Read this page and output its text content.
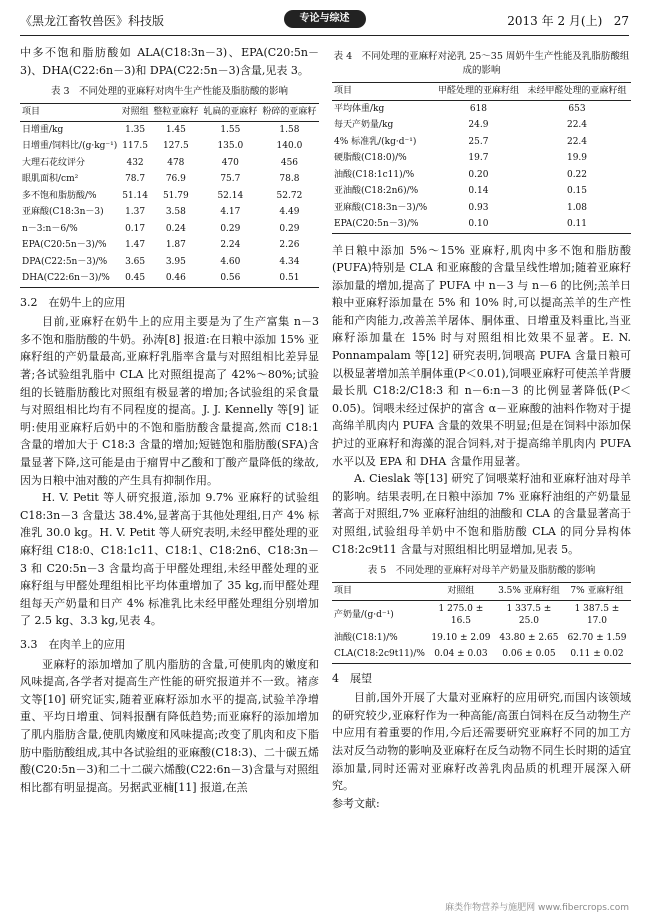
《黑龙江畜牧兽医》科技版	专论与综述	2013 年 2 月(上) 27

中多不饱和脂肪酸如 ALA(C18:3n－3)、EPA(C20:5n－3)、DHA(C22:6n－3)和 DPA(C22:5n－3)含量,见表 3。

表 3　不同处理的亚麻籽对肉牛生产性能及脂肪酸的影响
项目	对照组	整粒亚麻籽	轧扁的亚麻籽	粉碎的亚麻籽
日增重/kg	1.35	1.45	1.55	1.58
日增重/饲料比/(g·kg⁻¹)	117.5	127.5	135.0	140.0
大理石花纹评分	432	478	470	456
眼肌面积/cm²	78.7	76.9	75.7	78.8
多不饱和脂肪酸/%	51.14	51.79	52.14	52.72
亚麻酸(C18:3n－3)	1.37	3.58	4.17	4.49
n－3:n－6/%	0.17	0.24	0.29	0.29
EPA(C20:5n－3)/%	1.47	1.87	2.24	2.26
DPA(C22:5n－3)/%	3.65	3.95	4.60	4.34
DHA(C22:6n－3)/%	0.45	0.46	0.56	0.51

3.2　在奶牛上的应用

目前,亚麻籽在奶牛上的应用主要是为了生产富集 n－3 多不饱和脂肪酸的牛奶。孙涛[8] 报道:在日粮中添加 15% 亚麻籽组的产奶量最高,亚麻籽乳脂率含量与对照组相比差异显著;各试验组乳脂中 CLA 比对照组提高了 42%～80%;试验组的长链脂肪酸比对照组有极显著的增加;各试验组的采食量与对照组相比均有不同程度的提高。J. J. Kennelly 等[9] 证明:使用亚麻籽后奶中的不饱和脂肪酸含量提高,然而 C18:1 含量的增加大于 C18:3 含量的增加;短链饱和脂肪酸(SFA)含量显著下降,这可能是由于瘤胃中乙酸和丁酸产量降低的缘故,因为日粮中油对酸的产生具有抑制作用。

H. V. Petit 等人研究报道,添加 9.7% 亚麻籽的试验组 C18:3n－3 含量达 38.4%,显著高于其他处理组,日产 4% 标准乳 30.0 kg。H. V. Petit 等人研究表明,未经甲醛处理的亚麻籽组 C18:0、C18:1c11、C18:1、C18:2n6、C18:3n－3 和 C20:5n－3 含量均高于甲醛处理组,未经甲醛处理的亚麻籽组与甲醛处理组相比平均体重增加了 35 kg,而甲醛处理组每天产奶量和日产 4% 标准乳比未经甲醛处理组分别增加了 2.5 kg、3.3 kg,见表 4。

3.3　在肉羊上的应用

亚麻籽的添加增加了肌内脂肪的含量,可使肌肉的嫩度和风味提高,各学者对提高生产性能的研究报道并不一致。褚彦文等[10] 研究证实,随着亚麻籽添加水平的提高,试验羊净增重、平均日增重、饲料报酬有降低趋势;而亚麻籽的添加增加了肌内脂肪含量,使肌肉嫩度和风味提高;改变了肌肉和皮下脂肪中脂肪酸组成,其中各试验组的亚麻酸(C18:3)、二十碳五烯酸(C20:5n－3)和二十二碳六烯酸(C22:6n－3)含量与对照组相比都有明显提高。另据武亚楠[11] 报道,在羔

表 4　不同处理的亚麻籽对泌乳 25～35 周奶牛生产性能及乳脂肪酸组成的影响
项目	甲醛处理的亚麻籽组	未经甲醛处理的亚麻籽组
平均体重/kg	618	653
每天产奶量/kg	24.9	22.4
4% 标准乳/(kg·d⁻¹)	25.7	22.4
硬脂酸(C18:0)/%	19.7	19.9
油酸(C18:1c11)/%	0.20	0.22
亚油酸(C18:2n6)/%	0.14	0.15
亚麻酸(C18:3n－3)/%	0.93	1.08
EPA(C20:5n－3)/%	0.10	0.11

羊日粮中添加 5%～15% 亚麻籽,肌肉中多不饱和脂肪酸(PUFA)特别是 CLA 和亚麻酸的含量呈线性增加;随着亚麻籽添加量的增加,提高了 PUFA 中 n－3 与 n－6 的比例;羔羊日粮中亚麻籽添加量在 5% 和 10% 时,可以提高羔羊的生产性能和产肉能力,改善羔羊屠体、胴体重、日增重及料重比,当亚麻籽添加量在 15% 时与对照组相比效果不显著。E. N. Ponnampalam 等[12] 研究表明,饲喂高 PUFA 含量日粮可以极显著增加羔羊胴体重(P＜0.01),饲喂亚麻籽可使羔羊背腰最长肌 C18:2/C18:3 和 n－6:n－3 的比例显著降低(P＜0.05)。饲喂未经过保护的富含 α－亚麻酸的油料作物对于提高绵羊肌肉内 PUFA 含量的效果不明显;但是在饲料中添加保护过的亚麻籽和海藻的混合饲料,对于提高绵羊肌肉内 PUFA 水平以及 EPA 和 DHA 含量作用显著。

A. Cieslak 等[13] 研究了饲喂菜籽油和亚麻籽油对母羊的影响。结果表明,在日粮中添加 7% 亚麻籽油组的产奶量显著高于对照组,7% 亚麻籽油组的油酸和 CLA 的含量显著高于对照组,试验组母羊奶中不饱和脂肪酸 CLA 的同分异构体 C18:2c9t11 含量与对照组相比明显增加,见表 5。

表 5　不同处理的亚麻籽对母羊产奶量及脂肪酸的影响
项目	对照组	3.5% 亚麻籽组	7% 亚麻籽组
产奶量/(g·d⁻¹)	1 275.0 ± 16.5	1 337.5 ± 25.0	1 387.5 ± 17.0
油酸(C18:1)/%	19.10 ± 2.09	43.80 ± 2.65	62.70 ± 1.59
CLA(C18:2c9t11)/%	0.04 ± 0.03	0.06 ± 0.05	0.11 ± 0.02

4　展望

目前,国外开展了大量对亚麻籽的应用研究,而国内该领域的研究较少,亚麻籽作为一种高能/高蛋白饲料在反刍动物生产中应用有着重要的作用,今后还需要研究亚麻籽不同的加工方法对反刍动物的影响及亚麻籽在反刍动物不同生长时期的适宜添加量,同时还需对亚麻籽改善乳肉品质的机理开展深入研究。

参考文献:

麻类作物营养与施肥网 www.fibercrops.com
